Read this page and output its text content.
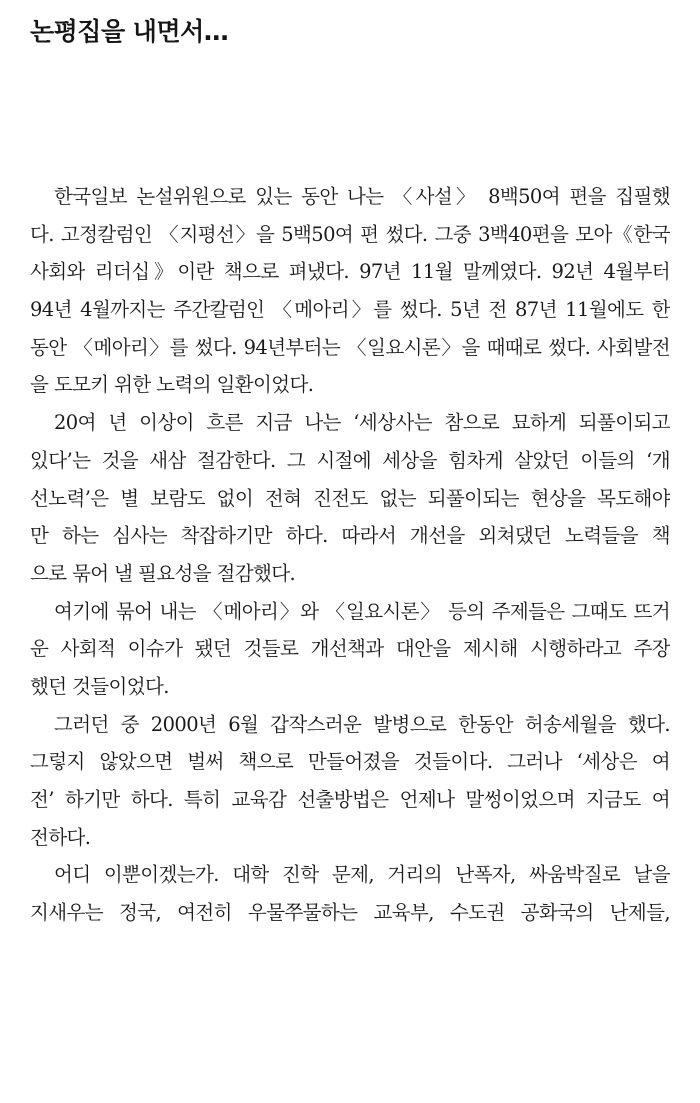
논평집을 내면서…
한국일보 논설위원으로 있는 동안 나는 〈사설〉 8백50여 편을 집필했
다. 고정칼럼인 〈지평선〉을 5백50여 편 썼다. 그중 3백40편을 모아《한국
사회와 리더십》이란 책으로 펴냈다. 97년 11월 말께였다. 92년 4월부터
94년 4월까지는 주간칼럼인 〈메아리〉를 썼다. 5년 전 87년 11월에도 한
동안 〈메아리〉를 썼다. 94년부터는 〈일요시론〉을 때때로 썼다. 사회발전
을 도모키 위한 노력의 일환이었다.
20여 년 이상이 흐른 지금 나는 ‘세상사는 참으로 묘하게 되풀이되고
있다’는 것을 새삼 절감한다. 그 시절에 세상을 힘차게 살았던 이들의 ‘개
선노력’은 별 보람도 없이 전혀 진전도 없는 되풀이되는 현상을 목도해야
만 하는 심사는 착잡하기만 하다. 따라서 개선을 외쳐댔던 노력들을 책
으로 묶어 낼 필요성을 절감했다.
여기에 묶어 내는 〈메아리〉와 〈일요시론〉 등의 주제들은 그때도 뜨거
운 사회적 이슈가 됐던 것들로 개선책과 대안을 제시해 시행하라고 주장
했던 것들이었다.
그러던 중 2000년 6월 갑작스러운 발병으로 한동안 허송세월을 했다.
그렇지 않았으면 벌써 책으로 만들어졌을 것들이다. 그러나 ‘세상은 여
전’ 하기만 하다. 특히 교육감 선출방법은 언제나 말썽이었으며 지금도 여
전하다.
어디 이뿐이겠는가. 대학 진학 문제, 거리의 난폭자, 싸움박질로 날을
지새우는 정국, 여전히 우물쭈물하는 교육부, 수도권 공화국의 난제들,
